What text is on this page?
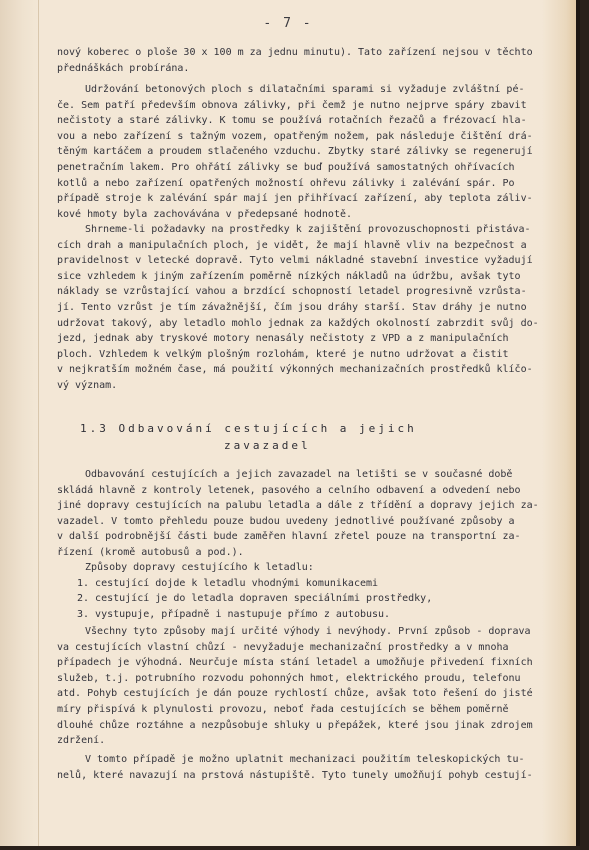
- 7 -
nový koberec o ploše 30 x 100 m za jednu minutu). Tato zařízení nejsou v těchto
přednáškách probírána.
Udržování betonových ploch s dilatačními sparami si vyžaduje zvláštní pé-
če. Sem patří především obnova zálivky, při čemž je nutno nejprve spáry zbavit
nečistoty a staré zálivky. K tomu se používá rotačních řezačů a frézovací hla-
vou a nebo zařízení s tažným vozem, opatřeným nožem, pak následuje čištění drá-
těným kartáčem a proudem stlačeného vzduchu. Zbytky staré zálivky se regenerují
penetračním lakem. Pro ohřátí zálivky se buď používá samostatných ohřívacích
kotlů a nebo zařízení opatřených možností ohřevu zálivky i zalévání spár. Po
případě stroje k zalévání spár mají jen přihřívací zařízení, aby teplota záliv-
kové hmoty byla zachovávána v předepsané hodnotě.
Shrneme-li požadavky na prostředky k zajištění provozuschopnosti přistáva-
cích drah a manipulačních ploch, je vidět, že mají hlavně vliv na bezpečnost a
pravidelnost v letecké dopravě. Tyto velmi nákladné stavební investice vyžadují
sice vzhledem k jiným zařízením poměrně nízkých nákladů na údržbu, avšak tyto
náklady se vzrůstající vahou a brzdící schopností letadel progresivně vzrůsta-
jí. Tento vzrůst je tím závažnější, čím jsou dráhy starší. Stav dráhy je nutno
udržovat takový, aby letadlo mohlo jednak za každých okolností zabrzdit svůj do-
jezd, jednak aby tryskové motory nenasály nečistoty z VPD a z manipulačních
ploch. Vzhledem k velkým plošným rozlohám, které je nutno udržovat a čistit
v nejkratším možném čase, má použití výkonných mechanizačních prostředků klíčo-
vý význam.
1.3 Odbavování cestujících a jejich
zavazadel
Odbavování cestujících a jejich zavazadel na letišti se v současné době
skládá hlavně z kontroly letenek, pasového a celního odbavení a odvedení nebo
jiné dopravy cestujících na palubu letadla a dále z třídění a dopravy jejich za-
vazadel. V tomto přehledu pouze budou uvedeny jednotlivé používané způsoby a
v další podrobnější části bude zaměřen hlavní zřetel pouze na transportní za-
řízení (kromě autobusů a pod.).
Způsoby dopravy cestujícího k letadlu:
1. cestující dojde k letadlu vhodnými komunikacemi
2. cestující je do letadla dopraven speciálními prostředky,
3. vystupuje, případně i nastupuje přímo z autobusu.
Všechny tyto způsoby mají určité výhody i nevýhody. První způsob - doprava
va cestujících vlastní chůzí - nevyžaduje mechanizační prostředky a v mnoha
případech je výhodná. Neurčuje místa stání letadel a umožňuje přivedení fixních
služeb, t.j. potrubního rozvodu pohonných hmot, elektrického proudu, telefonu
atd. Pohyb cestujících je dán pouze rychlostí chůze, avšak toto řešení do jisté
míry přispívá k plynulosti provozu, neboť řada cestujících se během poměrně
dlouhé chůze roztáhne a nezpůsobuje shluky u přepážek, které jsou jinak zdrojem
zdržení.
V tomto případě je možno uplatnit mechanizaci použitím teleskopických tu-
nelů, které navazují na prstová nástupiště. Tyto tunely umožňují pohyb cestují-
